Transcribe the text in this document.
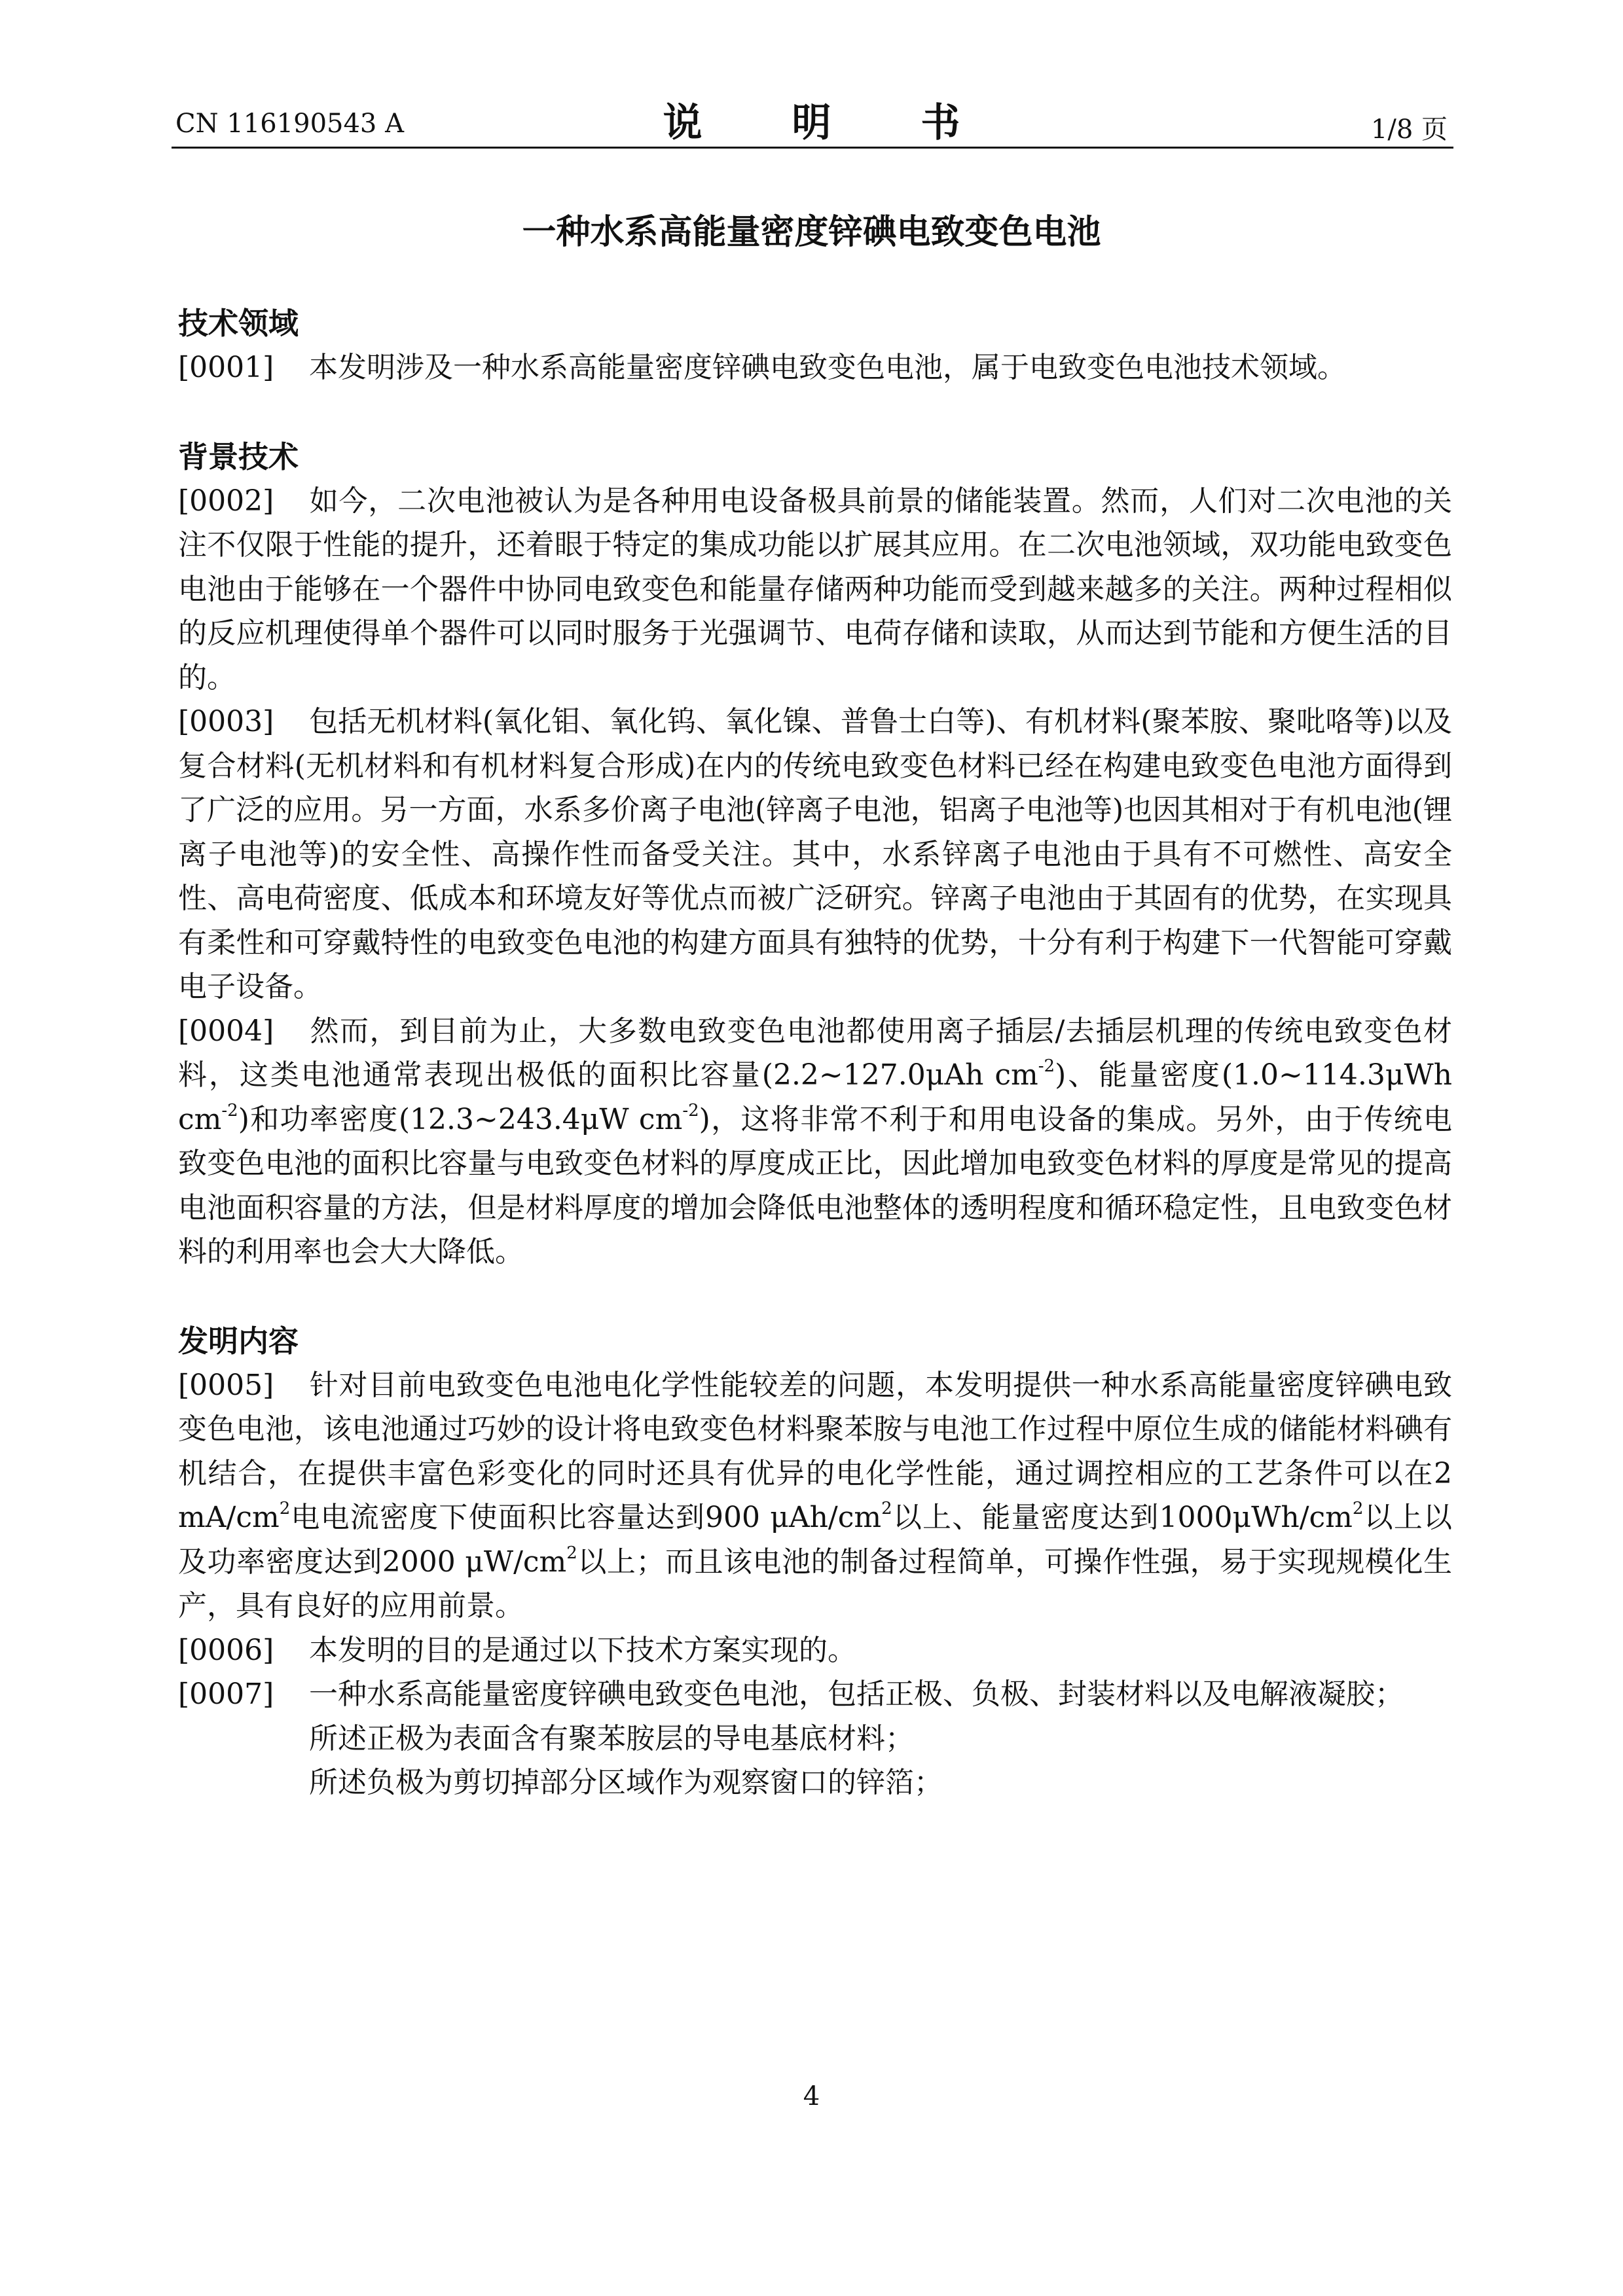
CN 116190543 A	说 明 书	1/8 页
一种水系高能量密度锌碘电致变色电池
技术领域

[0001] 本发明涉及一种水系高能量密度锌碘电致变色电池，属于电致变色电池技术领域。

背景技术

[0002] 如今，二次电池被认为是各种用电设备极具前景的储能装置。然而，人们对二次电池的关注不仅限于性能的提升，还着眼于特定的集成功能以扩展其应用。在二次电池领域，双功能电致变色电池由于能够在一个器件中协同电致变色和能量存储两种功能而受到越来越多的关注。两种过程相似的反应机理使得单个器件可以同时服务于光强调节、电荷存储和读取，从而达到节能和方便生活的目的。

[0003] 包括无机材料(氧化钼、氧化钨、氧化镍、普鲁士白等)、有机材料(聚苯胺、聚吡咯等)以及复合材料(无机材料和有机材料复合形成)在内的传统电致变色材料已经在构建电致变色电池方面得到了广泛的应用。另一方面，水系多价离子电池(锌离子电池，铝离子电池等)也因其相对于有机电池(锂离子电池等)的安全性、高操作性而备受关注。其中，水系锌离子电池由于具有不可燃性、高安全性、高电荷密度、低成本和环境友好等优点而被广泛研究。锌离子电池由于其固有的优势，在实现具有柔性和可穿戴特性的电致变色电池的构建方面具有独特的优势，十分有利于构建下一代智能可穿戴电子设备。

[0004] 然而，到目前为止，大多数电致变色电池都使用离子插层/去插层机理的传统电致变色材料，这类电池通常表现出极低的面积比容量(2.2~127.0μAh $cm^{-2}$)、能量密度(1.0~114.3μWh $cm^{-2}$)和功率密度(12.3~243.4μW $cm^{-2}$)，这将非常不利于和用电设备的集成。另外，由于传统电致变色电池的面积比容量与电致变色材料的厚度成正比，因此增加电致变色材料的厚度是常见的提高电池面积容量的方法，但是材料厚度的增加会降低电池整体的透明程度和循环稳定性，且电致变色材料的利用率也会大大降低。

发明内容

[0005] 针对目前电致变色电池电化学性能较差的问题，本发明提供一种水系高能量密度锌碘电致变色电池，该电池通过巧妙的设计将电致变色材料聚苯胺与电池工作过程中原位生成的储能材料碘有机结合，在提供丰富色彩变化的同时还具有优异的电化学性能，通过调控相应的工艺条件可以在2 $mA/cm^2$电电流密度下使面积比容量达到900 μAh/$cm^2$以上、能量密度达到$1000\mu Wh/cm^2$以上以及功率密度达到2000 $\mu W/cm^2$以上；而且该电池的制备过程简单，可操作性强，易于实现规模化生产，具有良好的应用前景。

[0006] 本发明的目的是通过以下技术方案实现的。

[0007] 一种水系高能量密度锌碘电致变色电池，包括正极、负极、封装材料以及电解液凝胶；

所述正极为表面含有聚苯胺层的导电基底材料；

所述负极为剪切掉部分区域作为观察窗口的锌箔；

4
